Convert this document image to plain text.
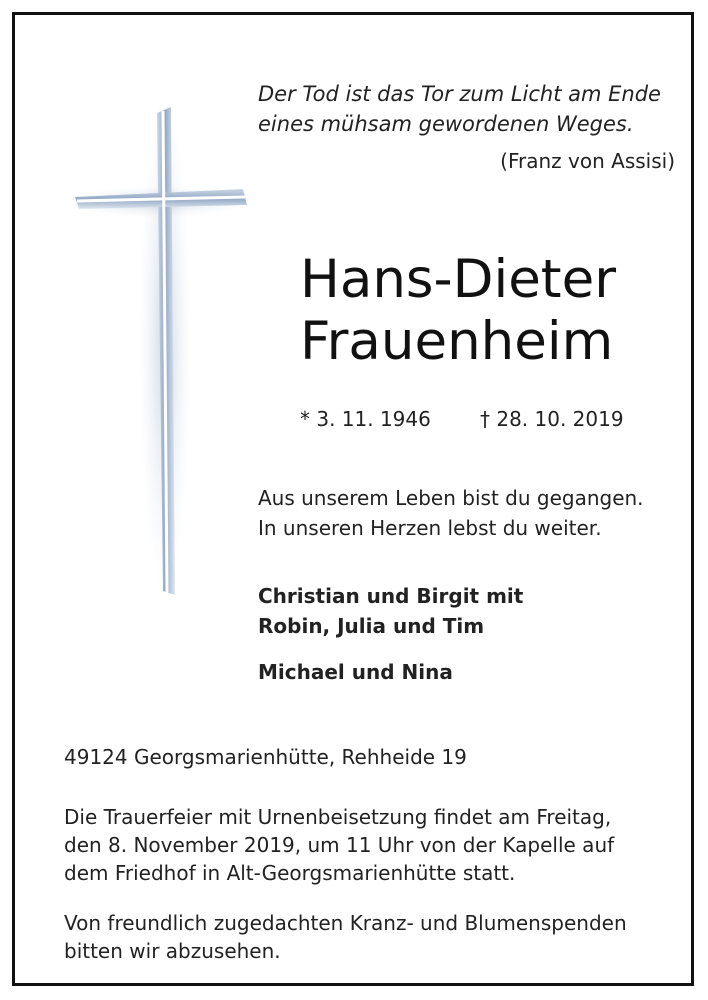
Der Tod ist das Tor zum Licht am Ende
eines mühsam gewordenen Weges.
(Franz von Assisi)
Hans-Dieter
Frauenheim
* 3. 11. 1946 † 28. 10. 2019
Aus unserem Leben bist du gegangen.
In unseren Herzen lebst du weiter.
Christian und Birgit mit
Robin, Julia und Tim
Michael und Nina
49124 Georgsmarienhütte, Rehheide 19
Die Trauerfeier mit Urnenbeisetzung findet am Freitag,
den 8. November 2019, um 11 Uhr von der Kapelle auf
dem Friedhof in Alt-Georgsmarienhütte statt.
Von freundlich zugedachten Kranz- und Blumenspenden
bitten wir abzusehen.
